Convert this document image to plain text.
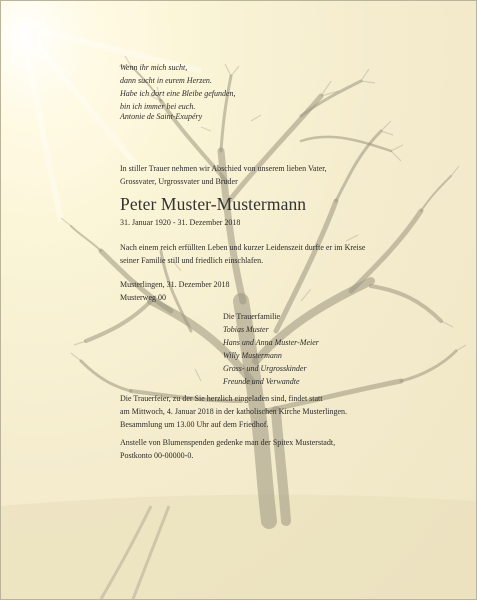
Wenn ihr mich sucht,
dann sucht in eurem Herzen.
Habe ich dort eine Bleibe gefunden,
bin ich immer bei euch.

Antonie de Saint-Exupéry

In stiller Trauer nehmen wir Abschied von unserem lieben Vater,
Grossvater, Urgrossvater und Bruder

Peter Muster-Mustermann

31. Januar 1920 - 31. Dezember 2018

Nach einem reich erfüllten Leben und kurzer Leidenszeit durfte er im Kreise
seiner Familie still und friedlich einschlafen.

Musterlingen, 31. Dezember 2018
Musterweg 00

Die Trauerfamilie

Tobias Muster
Hans und Anna Muster-Meier
Willy Mustermann
Gross- und Urgrosskinder
Freunde und Verwandte

Die Trauerfeier, zu der Sie herzlich eingeladen sind, findet statt
am Mittwoch, 4. Januar 2018 in der katholischen Kirche Musterlingen.
Besammlung um 13.00 Uhr auf dem Friedhof.

Anstelle von Blumenspenden gedenke man der Spitex Musterstadt,
Postkonto 00-00000-0.
